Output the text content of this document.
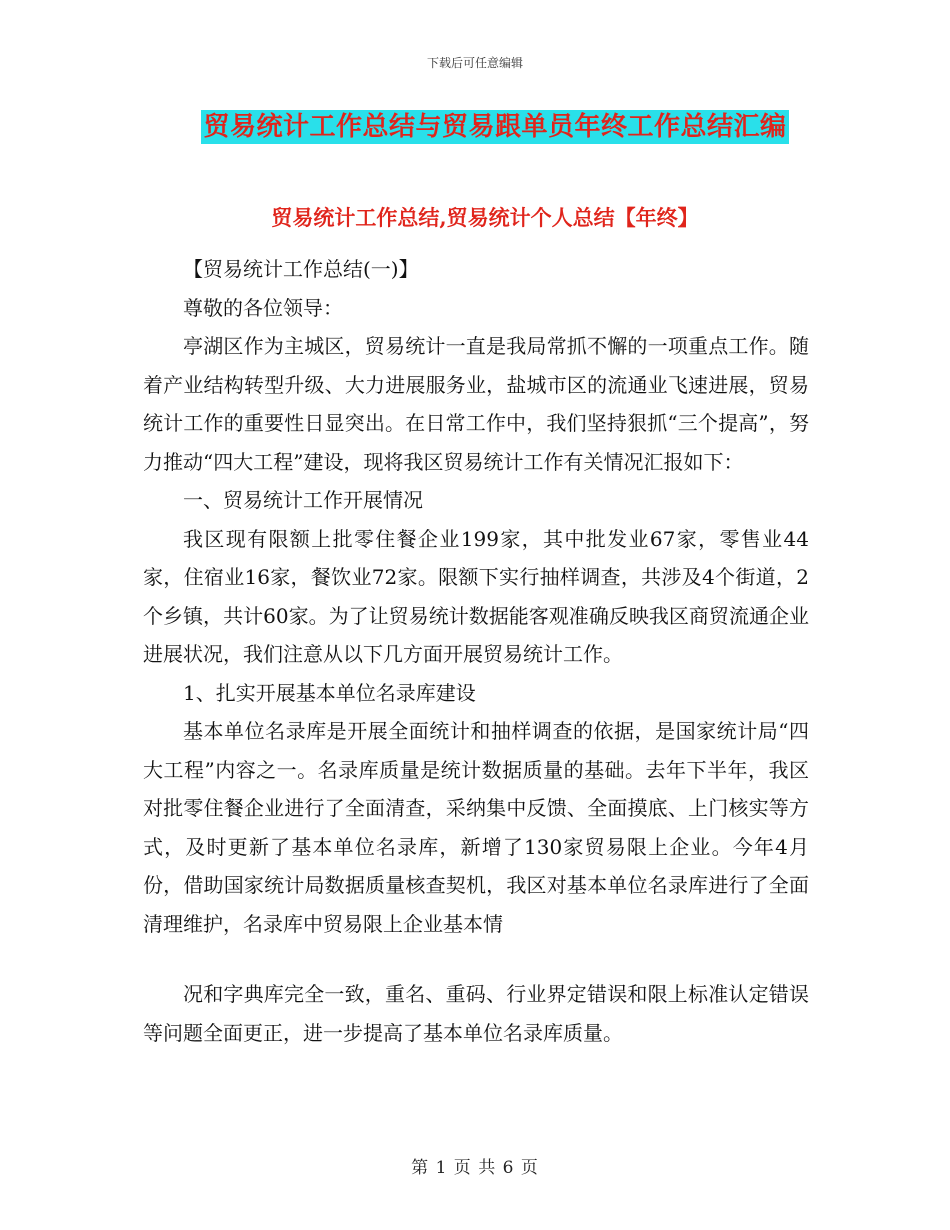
下载后可任意编辑
贸易统计工作总结与贸易跟单员年终工作总结汇编
贸易统计工作总结,贸易统计个人总结【年终】

【贸易统计工作总结(一)】

尊敬的各位领导：

亭湖区作为主城区，贸易统计一直是我局常抓不懈的一项重点工作。随着产业结构转型升级、大力进展服务业，盐城市区的流通业飞速进展，贸易统计工作的重要性日显突出。在日常工作中，我们坚持狠抓“三个提高”，努力推动“四大工程”建设，现将我区贸易统计工作有关情况汇报如下：

一、贸易统计工作开展情况

我区现有限额上批零住餐企业199家，其中批发业67家，零售业44家，住宿业16家，餐饮业72家。限额下实行抽样调查，共涉及4个街道，2个乡镇，共计60家。为了让贸易统计数据能客观准确反映我区商贸流通企业进展状况，我们注意从以下几方面开展贸易统计工作。

1、扎实开展基本单位名录库建设

基本单位名录库是开展全面统计和抽样调查的依据，是国家统计局“四大工程”内容之一。名录库质量是统计数据质量的基础。去年下半年，我区对批零住餐企业进行了全面清查，采纳集中反馈、全面摸底、上门核实等方式，及时更新了基本单位名录库，新增了130家贸易限上企业。今年4月份，借助国家统计局数据质量核查契机，我区对基本单位名录库进行了全面清理维护，名录库中贸易限上企业基本情

况和字典库完全一致，重名、重码、行业界定错误和限上标准认定错误等问题全面更正，进一步提高了基本单位名录库质量。

第 1 页 共 6 页
